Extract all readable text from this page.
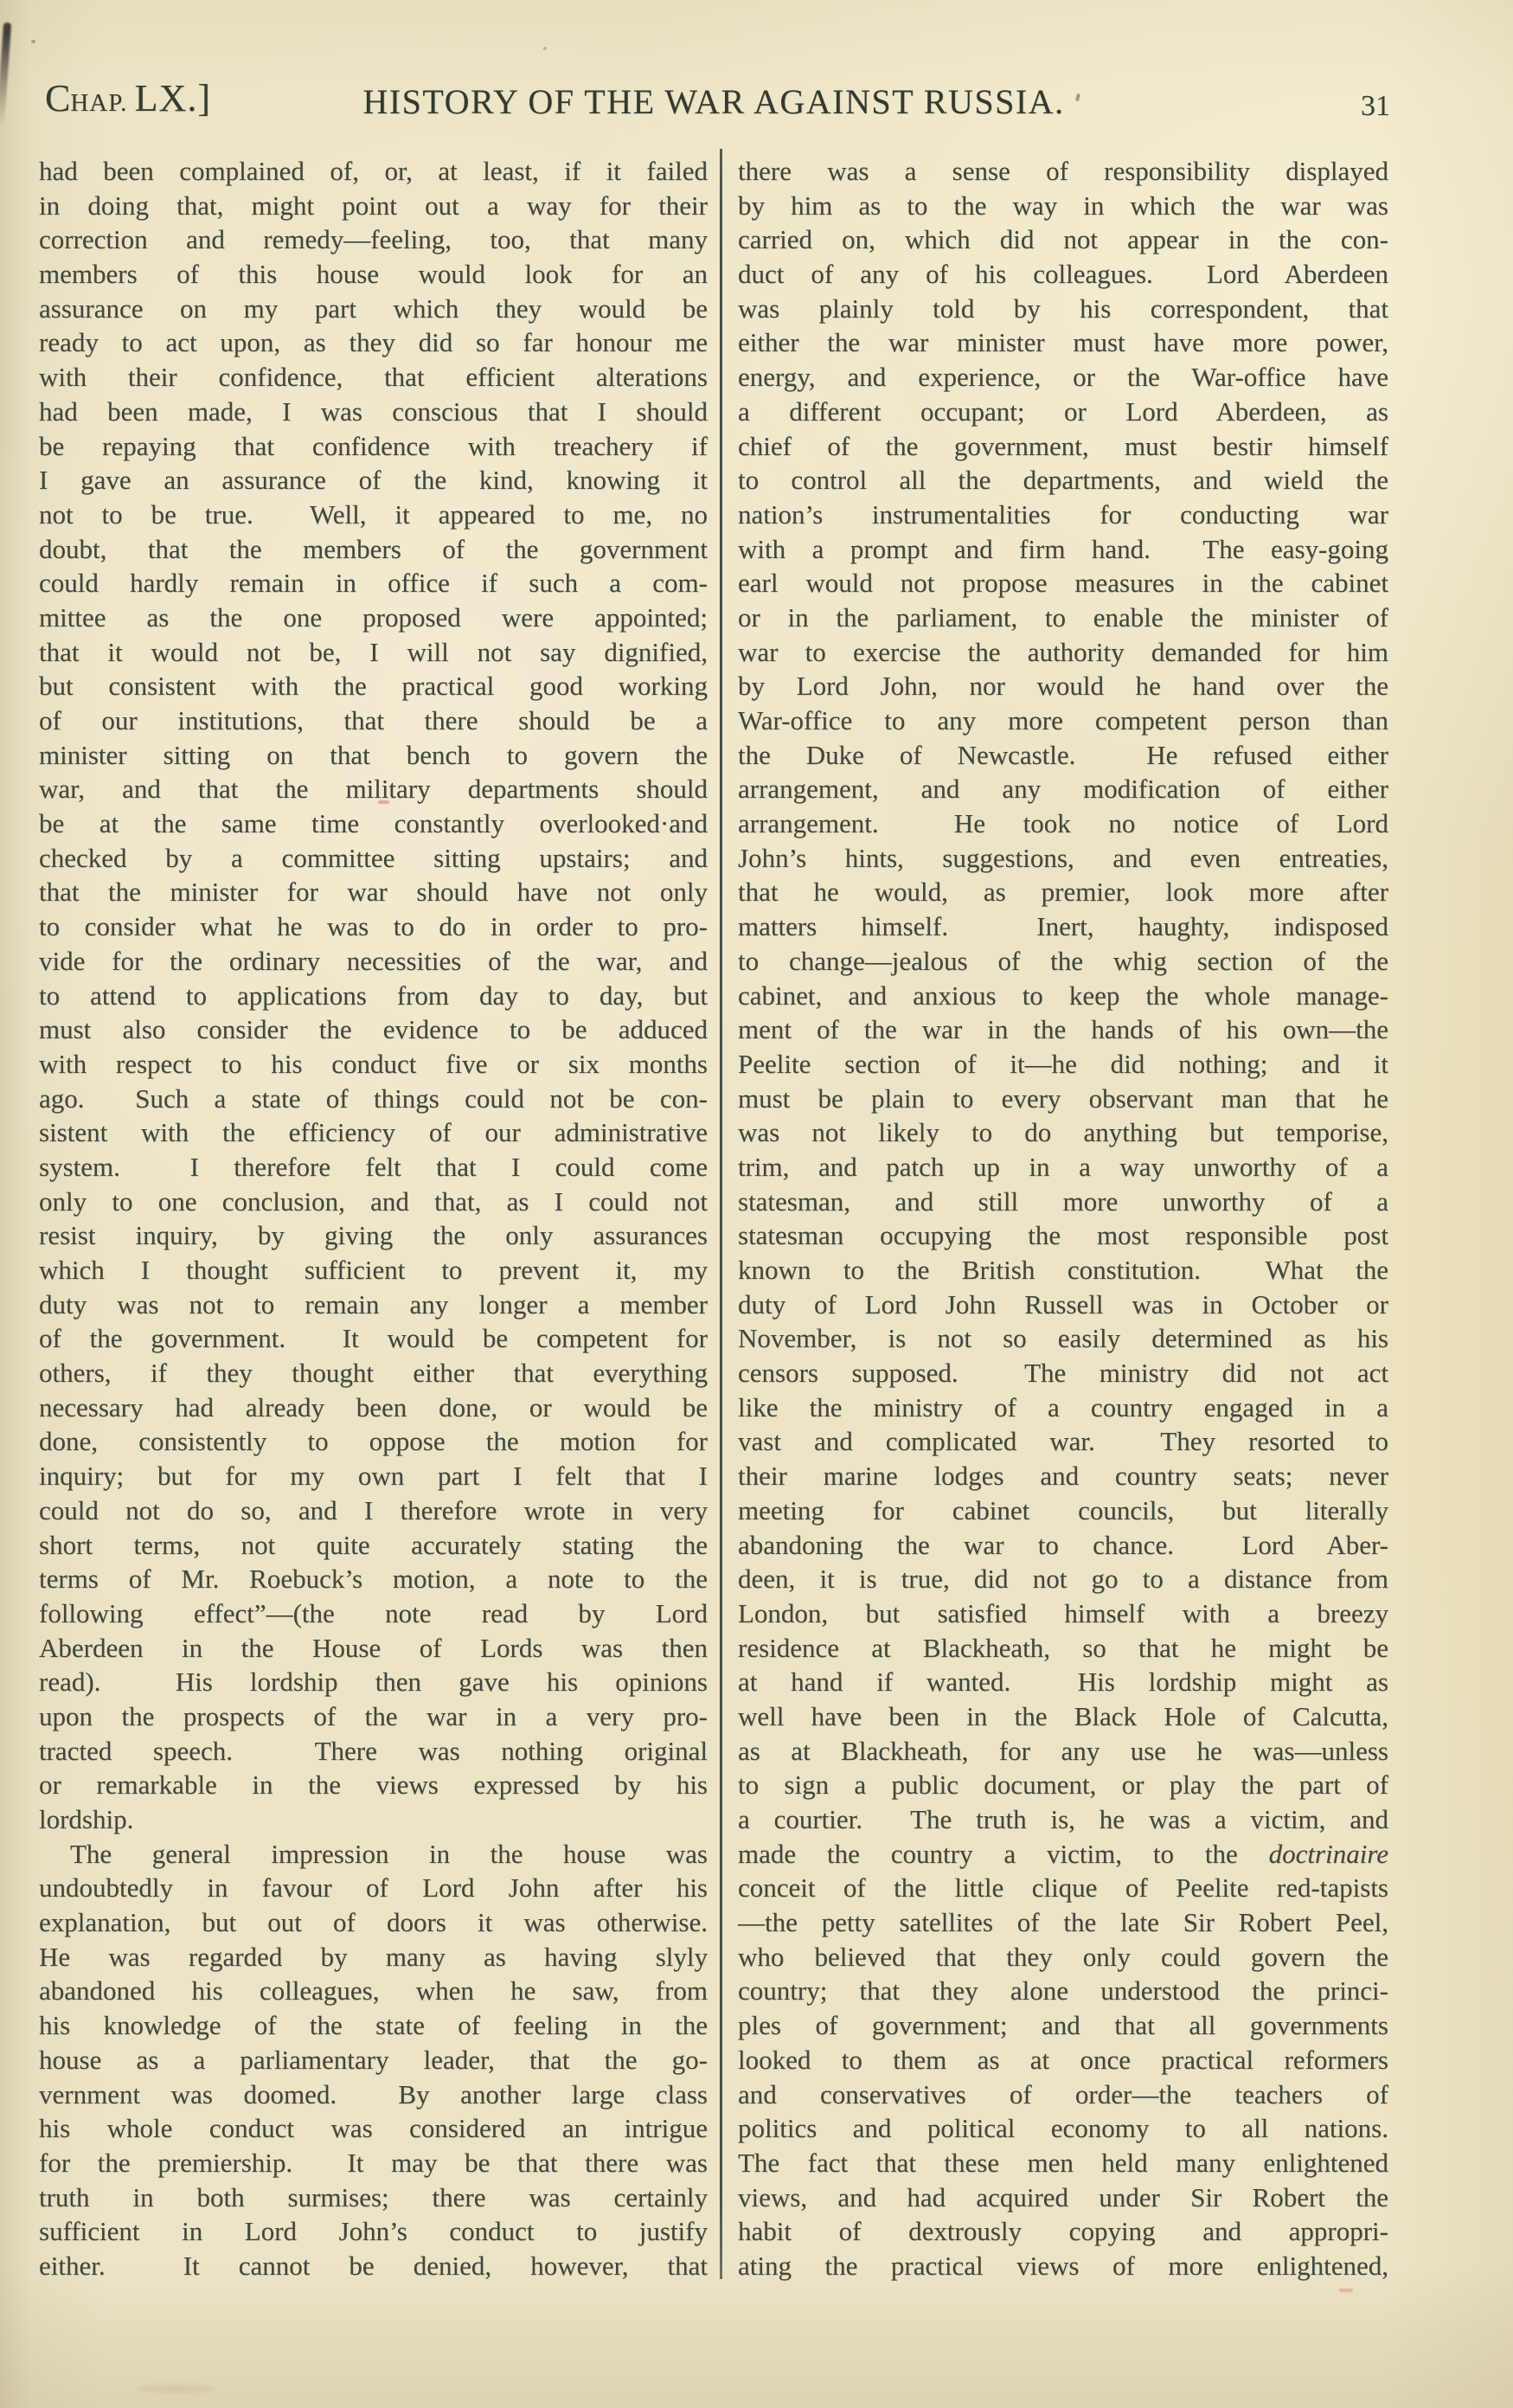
CHAP. LX.]	HISTORY OF THE WAR AGAINST RUSSIA.	31
had been complained of, or, at least, if it failed
in doing that, might point out a way for their
correction and remedy—feeling, too, that many
members of this house would look for an
assurance on my part which they would be
ready to act upon, as they did so far honour me
with their confidence, that efficient alterations
had been made, I was conscious that I should
be repaying that confidence with treachery if
I gave an assurance of the kind, knowing it
not to be true.  Well, it appeared to me, no
doubt, that the members of the government
could hardly remain in office if such a com-
mittee as the one proposed were appointed;
that it would not be, I will not say dignified,
but consistent with the practical good working
of our institutions, that there should be a
minister sitting on that bench to govern the
war, and that the military departments should
be at the same time constantly overlooked·and
checked by a committee sitting upstairs; and
that the minister for war should have not only
to consider what he was to do in order to pro-
vide for the ordinary necessities of the war, and
to attend to applications from day to day, but
must also consider the evidence to be adduced
with respect to his conduct five or six months
ago.  Such a state of things could not be con-
sistent with the efficiency of our administrative
system.  I therefore felt that I could come
only to one conclusion, and that, as I could not
resist inquiry, by giving the only assurances
which I thought sufficient to prevent it, my
duty was not to remain any longer a member
of the government.  It would be competent for
others, if they thought either that everything
necessary had already been done, or would be
done, consistently to oppose the motion for
inquiry; but for my own part I felt that I
could not do so, and I therefore wrote in very
short terms, not quite accurately stating the
terms of Mr. Roebuck’s motion, a note to the
following effect”—(the note read by Lord
Aberdeen in the House of Lords was then
read).  His lordship then gave his opinions
upon the prospects of the war in a very pro-
tracted speech.  There was nothing original
or remarkable in the views expressed by his
lordship.
The general impression in the house was
undoubtedly in favour of Lord John after his
explanation, but out of doors it was otherwise.
He was regarded by many as having slyly
abandoned his colleagues, when he saw, from
his knowledge of the state of feeling in the
house as a parliamentary leader, that the go-
vernment was doomed.  By another large class
his whole conduct was considered an intrigue
for the premiership.  It may be that there was
truth in both surmises; there was certainly
sufficient in Lord John’s conduct to justify
either.  It cannot be denied, however, that
there was a sense of responsibility displayed
by him as to the way in which the war was
carried on, which did not appear in the con-
duct of any of his colleagues.  Lord Aberdeen
was plainly told by his correspondent, that
either the war minister must have more power,
energy, and experience, or the War-office have
a different occupant; or Lord Aberdeen, as
chief of the government, must bestir himself
to control all the departments, and wield the
nation’s instrumentalities for conducting war
with a prompt and firm hand.  The easy-going
earl would not propose measures in the cabinet
or in the parliament, to enable the minister of
war to exercise the authority demanded for him
by Lord John, nor would he hand over the
War-office to any more competent person than
the Duke of Newcastle.  He refused either
arrangement, and any modification of either
arrangement.  He took no notice of Lord
John’s hints, suggestions, and even entreaties,
that he would, as premier, look more after
matters himself.  Inert, haughty, indisposed
to change—jealous of the whig section of the
cabinet, and anxious to keep the whole manage-
ment of the war in the hands of his own—the
Peelite section of it—he did nothing; and it
must be plain to every observant man that he
was not likely to do anything but temporise,
trim, and patch up in a way unworthy of a
statesman, and still more unworthy of a
statesman occupying the most responsible post
known to the British constitution.  What the
duty of Lord John Russell was in October or
November, is not so easily determined as his
censors supposed.  The ministry did not act
like the ministry of a country engaged in a
vast and complicated war.  They resorted to
their marine lodges and country seats; never
meeting for cabinet councils, but literally
abandoning the war to chance.  Lord Aber-
deen, it is true, did not go to a distance from
London, but satisfied himself with a breezy
residence at Blackheath, so that he might be
at hand if wanted.  His lordship might as
well have been in the Black Hole of Calcutta,
as at Blackheath, for any use he was—unless
to sign a public document, or play the part of
a courtier.  The truth is, he was a victim, and
made the country a victim, to the doctrinaire
conceit of the little clique of Peelite red-tapists
—the petty satellites of the late Sir Robert Peel,
who believed that they only could govern the
country; that they alone understood the princi-
ples of government; and that all governments
looked to them as at once practical reformers
and conservatives of order—the teachers of
politics and political economy to all nations.
The fact that these men held many enlightened
views, and had acquired under Sir Robert the
habit of dextrously copying and appropri-
ating the practical views of more enlightened,
